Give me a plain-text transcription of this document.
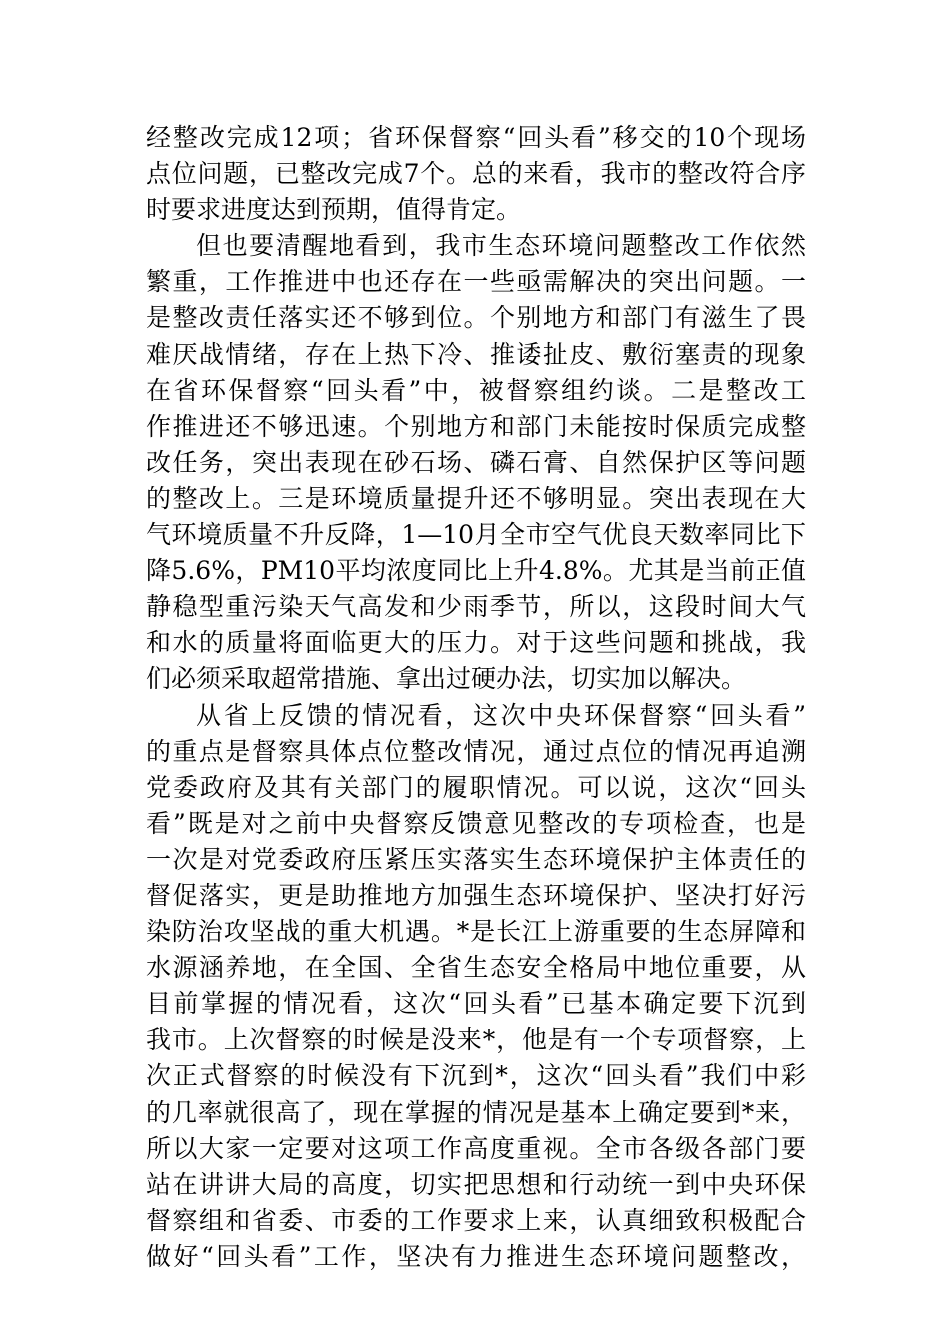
经整改完成12项；省环保督察“回头看”移交的10个现场
点位问题，已整改完成7个。总的来看，我市的整改符合序
时要求进度达到预期，值得肯定。
但也要清醒地看到，我市生态环境问题整改工作依然
繁重，工作推进中也还存在一些亟需解决的突出问题。一
是整改责任落实还不够到位。个别地方和部门有滋生了畏
难厌战情绪，存在上热下冷、推诿扯皮、敷衍塞责的现象
在省环保督察“回头看”中，被督察组约谈。二是整改工
作推进还不够迅速。个别地方和部门未能按时保质完成整
改任务，突出表现在砂石场、磷石膏、自然保护区等问题
的整改上。三是环境质量提升还不够明显。突出表现在大
气环境质量不升反降，1—10月全市空气优良天数率同比下
降5.6%，PM10平均浓度同比上升4.8%。尤其是当前正值
静稳型重污染天气高发和少雨季节，所以，这段时间大气
和水的质量将面临更大的压力。对于这些问题和挑战，我
们必须采取超常措施、拿出过硬办法，切实加以解决。
从省上反馈的情况看，这次中央环保督察“回头看”
的重点是督察具体点位整改情况，通过点位的情况再追溯
党委政府及其有关部门的履职情况。可以说，这次“回头
看”既是对之前中央督察反馈意见整改的专项检查，也是
一次是对党委政府压紧压实落实生态环境保护主体责任的
督促落实，更是助推地方加强生态环境保护、坚决打好污
染防治攻坚战的重大机遇。*是长江上游重要的生态屏障和
水源涵养地，在全国、全省生态安全格局中地位重要，从
目前掌握的情况看，这次“回头看”已基本确定要下沉到
我市。上次督察的时候是没来*，他是有一个专项督察，上
次正式督察的时候没有下沉到*，这次“回头看”我们中彩
的几率就很高了，现在掌握的情况是基本上确定要到*来，
所以大家一定要对这项工作高度重视。全市各级各部门要
站在讲讲大局的高度，切实把思想和行动统一到中央环保
督察组和省委、市委的工作要求上来，认真细致积极配合
做好“回头看”工作，坚决有力推进生态环境问题整改，
